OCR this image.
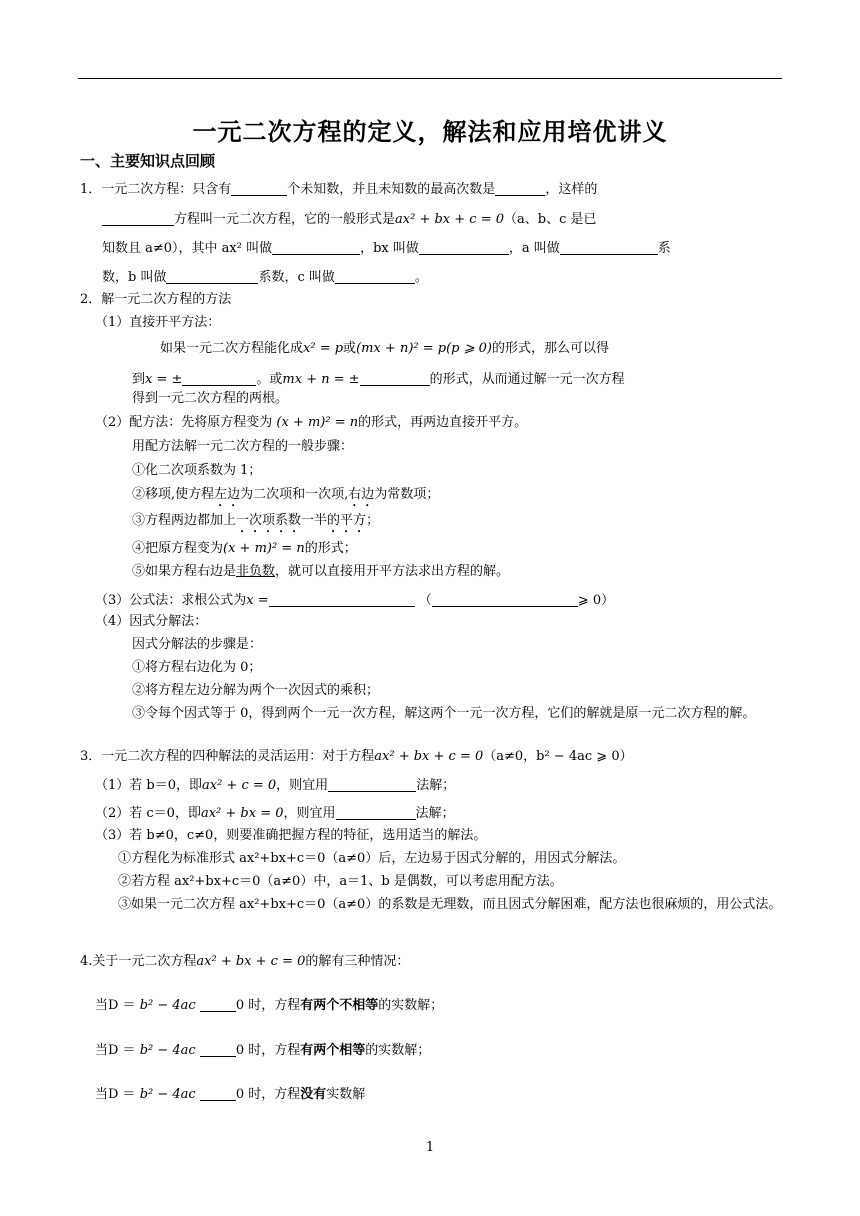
一元二次方程的定义，解法和应用培优讲义
一、主要知识点回顾
1．一元二次方程：只含有	个未知数，并且未知数的最高次数是	，这样的
方程叫一元二次方程，它的一般形式是ax² + bx + c = 0（a、b、c 是已
知数且 a≠0），其中 ax² 叫做	，bx 叫做	，a 叫做	系
数，b 叫做	系数，c 叫做	。
2．解一元二次方程的方法
（1）直接开平方法：
如果一元二次方程能化成x² = p或(mx + n)² = p(p ⩾ 0)的形式，那么可以得
到x = ±	。或mx + n = ±	的形式，从而通过解一元一次方程
得到一元二次方程的两根。
（2）配方法：先将原方程变为 (x + m)² = n的形式，再两边直接开平方。
用配方法解一元二次方程的一般步骤：
①化二次项系数为 1；
②移项,使方程左边为二次项和一次项,右边为常数项；
③方程两边都加上一次项系数一半的平方；
④把原方程变为(x + m)² = n的形式；
⑤如果方程右边是非负数，就可以直接用开平方法求出方程的解。
（3）公式法：求根公式为x =	（	⩾ 0）
（4）因式分解法：
因式分解法的步骤是：
①将方程右边化为 0；
②将方程左边分解为两个一次因式的乘积；
③令每个因式等于 0，得到两个一元一次方程，解这两个一元一次方程，它们的解就是原一元二次方程的解。
3．一元二次方程的四种解法的灵活运用：对于方程ax² + bx + c = 0（a≠0，b² − 4ac ⩾ 0）
（1）若 b＝0，即ax² + c = 0，则宜用	法解；
（2）若 c＝0，即ax² + bx = 0，则宜用	法解；
（3）若 b≠0，c≠0，则要准确把握方程的特征，选用适当的解法。
①方程化为标准形式 ax²+bx+c＝0（a≠0）后，左边易于因式分解的，用因式分解法。
②若方程 ax²+bx+c＝0（a≠0）中，a＝1、b 是偶数，可以考虑用配方法。
③如果一元二次方程 ax²+bx+c＝0（a≠0）的系数是无理数，而且因式分解困难，配方法也很麻烦的，用公式法。
4.关于一元二次方程ax² + bx + c = 0的解有三种情况：
当D ＝ b² − 4ac	0 时，方程有两个不相等的实数解；
当D ＝ b² − 4ac	0 时，方程有两个相等的实数解；
当D ＝ b² − 4ac	0 时，方程没有实数解
1
